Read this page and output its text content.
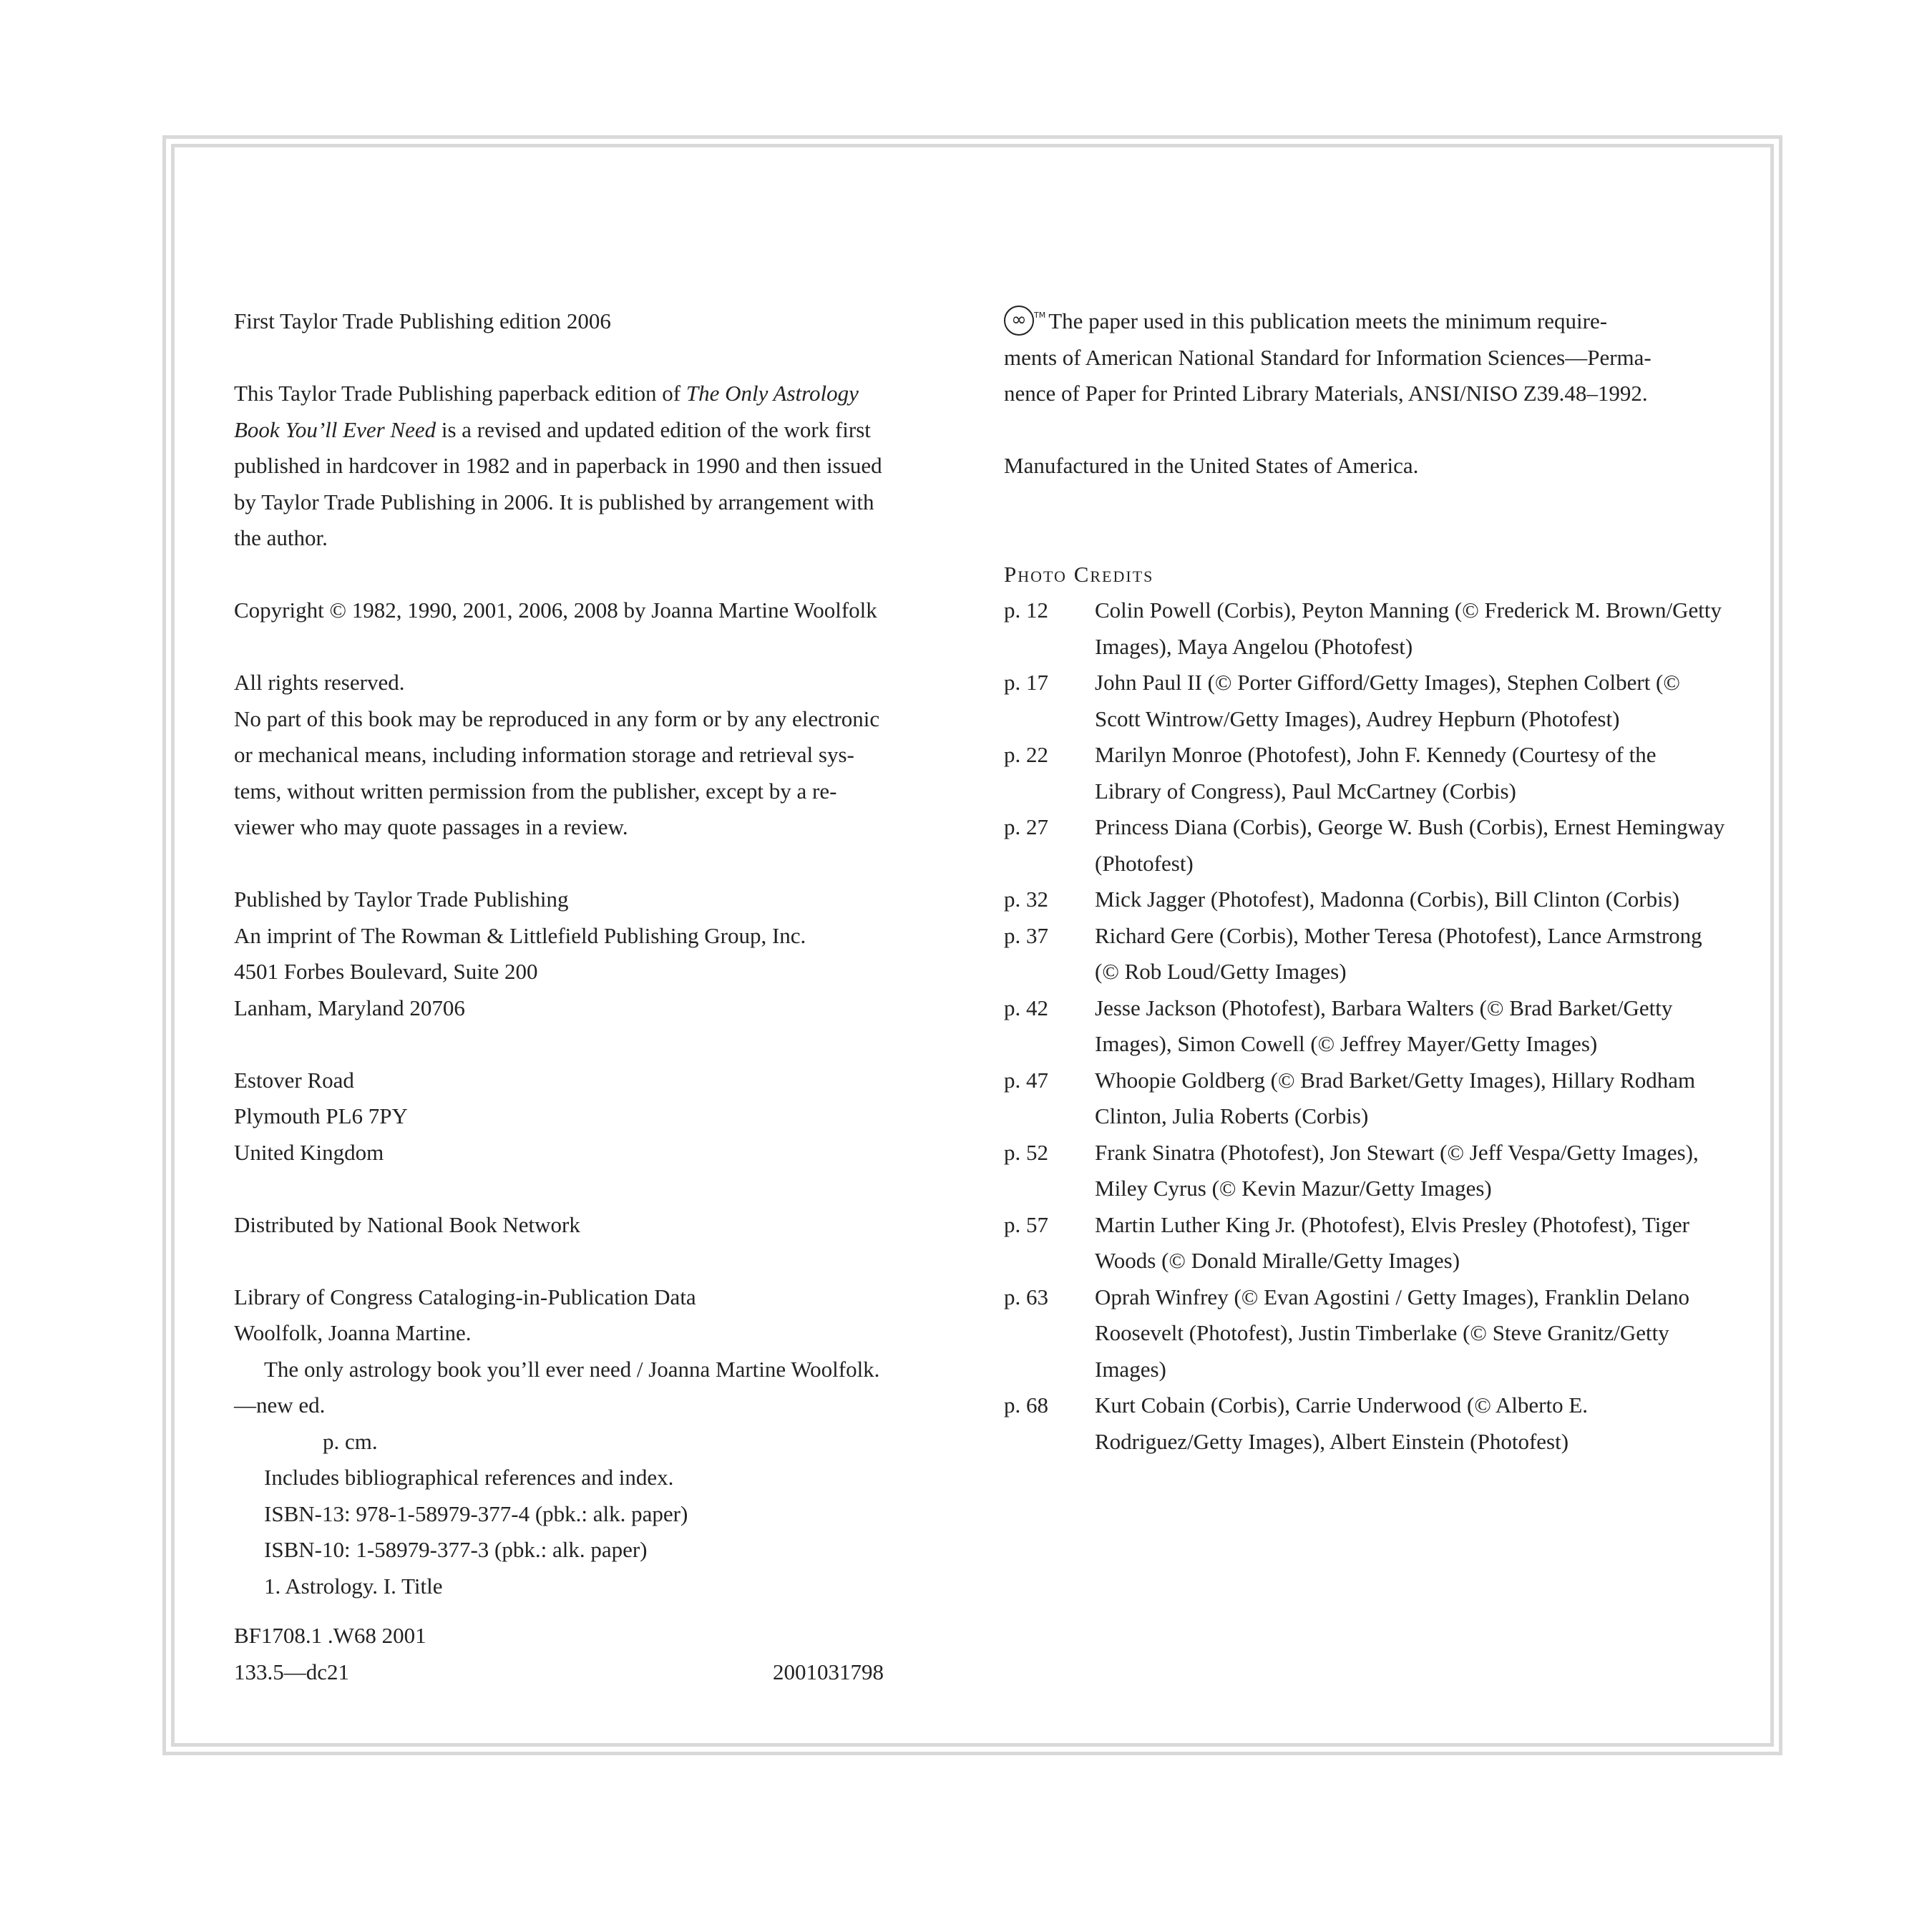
First Taylor Trade Publishing edition 2006
This Taylor Trade Publishing paperback edition of The Only Astrology
Book You’ll Ever Need is a revised and updated edition of the work first
published in hardcover in 1982 and in paperback in 1990 and then issued
by Taylor Trade Publishing in 2006. It is published by arrangement with
the author.
Copyright © 1982, 1990, 2001, 2006, 2008 by Joanna Martine Woolfolk
All rights reserved.
No part of this book may be reproduced in any form or by any electronic
or mechanical means, including information storage and retrieval sys-
tems, without written permission from the publisher, except by a re-
viewer who may quote passages in a review.
Published by Taylor Trade Publishing
An imprint of The Rowman & Littlefield Publishing Group, Inc.
4501 Forbes Boulevard, Suite 200
Lanham, Maryland 20706
Estover Road
Plymouth PL6 7PY
United Kingdom
Distributed by National Book Network
Library of Congress Cataloging-in-Publication Data
Woolfolk, Joanna Martine.
The only astrology book you’ll ever need / Joanna Martine Woolfolk.
—new ed.
p. cm.
Includes bibliographical references and index.
ISBN-13: 978-1-58979-377-4 (pbk.: alk. paper)
ISBN-10: 1-58979-377-3 (pbk.: alk. paper)
1. Astrology. I. Title
BF1708.1 .W68 2001
133.5—dc21	2001031798
∞ ™ The paper used in this publication meets the minimum require-
ments of American National Standard for Information Sciences—Perma-
nence of Paper for Printed Library Materials, ANSI/NISO Z39.48–1992.
Manufactured in the United States of America.
Photo Credits
p. 12	Colin Powell (Corbis), Peyton Manning (© Frederick M. Brown/Getty Images), Maya Angelou (Photofest)
p. 17	John Paul II (© Porter Gifford/Getty Images), Stephen Colbert (© Scott Wintrow/Getty Images), Audrey Hepburn (Photofest)
p. 22	Marilyn Monroe (Photofest), John F. Kennedy (Courtesy of the Library of Congress), Paul McCartney (Corbis)
p. 27	Princess Diana (Corbis), George W. Bush (Corbis), Ernest Hemingway (Photofest)
p. 32	Mick Jagger (Photofest), Madonna (Corbis), Bill Clinton (Corbis)
p. 37	Richard Gere (Corbis), Mother Teresa (Photofest), Lance Armstrong (© Rob Loud/Getty Images)
p. 42	Jesse Jackson (Photofest), Barbara Walters (© Brad Barket/Getty Images), Simon Cowell (© Jeffrey Mayer/Getty Images)
p. 47	Whoopie Goldberg (© Brad Barket/Getty Images), Hillary Rodham Clinton, Julia Roberts (Corbis)
p. 52	Frank Sinatra (Photofest), Jon Stewart (© Jeff Vespa/Getty Images), Miley Cyrus (© Kevin Mazur/Getty Images)
p. 57	Martin Luther King Jr. (Photofest), Elvis Presley (Photofest), Tiger Woods (© Donald Miralle/Getty Images)
p. 63	Oprah Winfrey (© Evan Agostini / Getty Images), Franklin Delano Roosevelt (Photofest), Justin Timberlake (© Steve Granitz/Getty Images)
p. 68	Kurt Cobain (Corbis), Carrie Underwood (© Alberto E. Rodriguez/Getty Images), Albert Einstein (Photofest)
